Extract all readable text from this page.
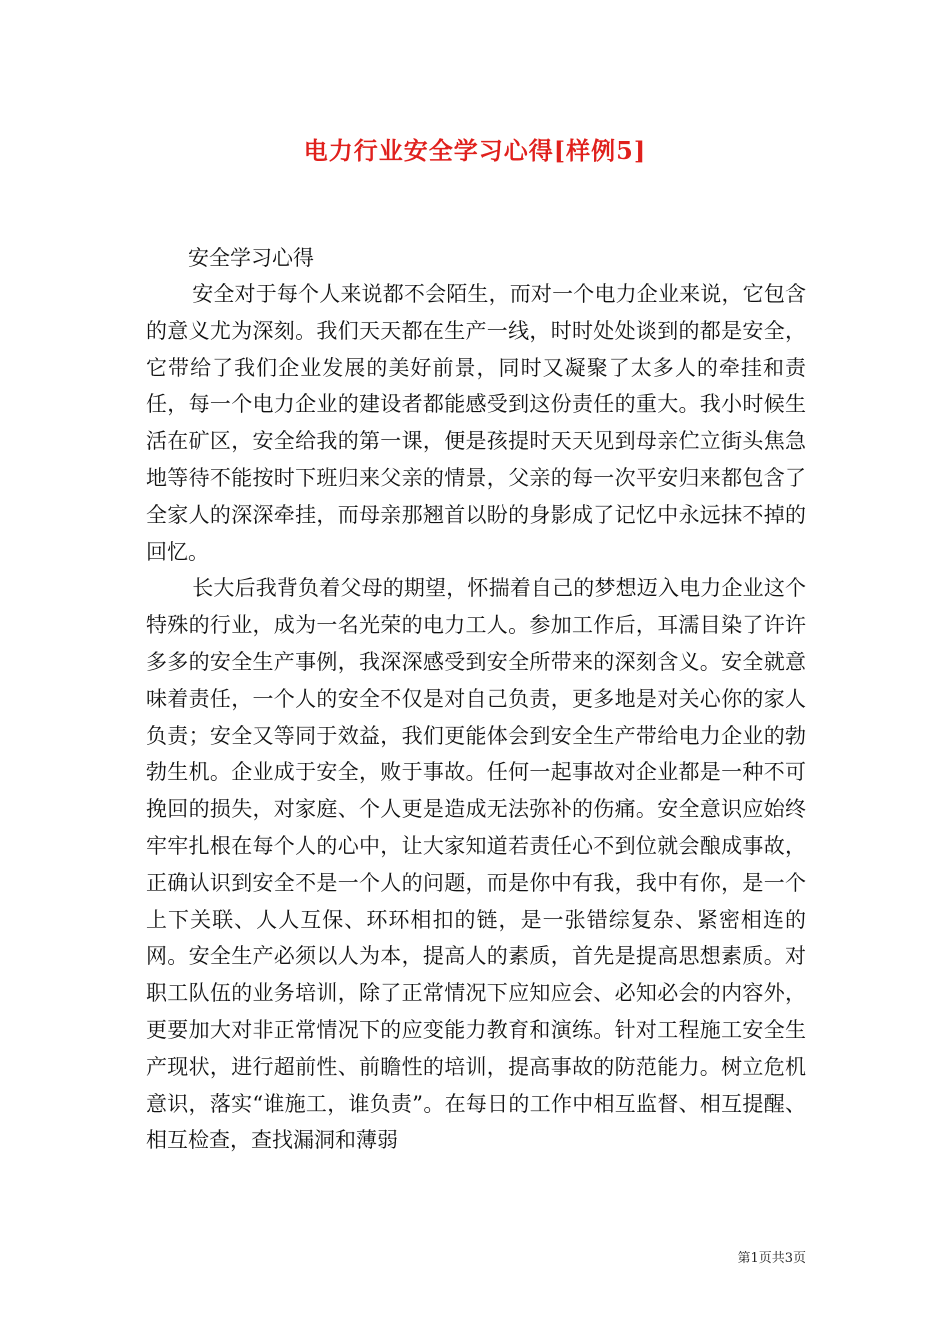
电力行业安全学习心得[样例5]
安全学习心得

安全对于每个人来说都不会陌生，而对一个电力企业来说，它包含的意义尤为深刻。我们天天都在生产一线，时时处处谈到的都是安全，它带给了我们企业发展的美好前景，同时又凝聚了太多人的牵挂和责任，每一个电力企业的建设者都能感受到这份责任的重大。我小时候生活在矿区，安全给我的第一课，便是孩提时天天见到母亲伫立街头焦急地等待不能按时下班归来父亲的情景，父亲的每一次平安归来都包含了全家人的深深牵挂，而母亲那翘首以盼的身影成了记忆中永远抹不掉的回忆。

长大后我背负着父母的期望，怀揣着自己的梦想迈入电力企业这个特殊的行业，成为一名光荣的电力工人。参加工作后，耳濡目染了许许多多的安全生产事例，我深深感受到安全所带来的深刻含义。安全就意味着责任，一个人的安全不仅是对自己负责，更多地是对关心你的家人负责；安全又等同于效益，我们更能体会到安全生产带给电力企业的勃勃生机。企业成于安全，败于事故。任何一起事故对企业都是一种不可挽回的损失，对家庭、个人更是造成无法弥补的伤痛。安全意识应始终牢牢扎根在每个人的心中，让大家知道若责任心不到位就会酿成事故，正确认识到安全不是一个人的问题，而是你中有我，我中有你，是一个上下关联、人人互保、环环相扣的链，是一张错综复杂、紧密相连的网。安全生产必须以人为本，提高人的素质，首先是提高思想素质。对职工队伍的业务培训，除了正常情况下应知应会、必知必会的内容外，更要加大对非正常情况下的应变能力教育和演练。针对工程施工安全生产现状，进行超前性、前瞻性的培训，提高事故的防范能力。树立危机意识，落实“谁施工，谁负责”。在每日的工作中相互监督、相互提醒、相互检查，查找漏洞和薄弱

第1页共3页
